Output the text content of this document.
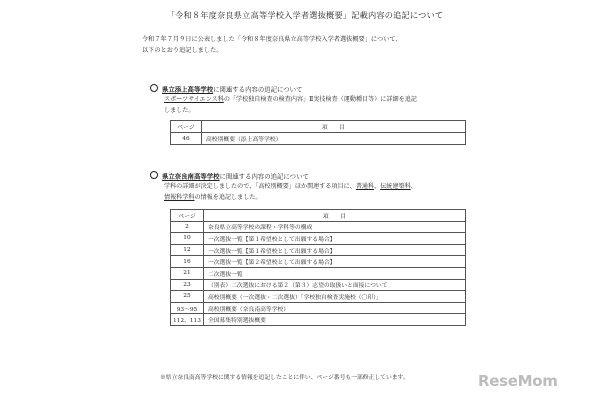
「令和８年度奈良県立高等学校入学者選抜概要」記載内容の追記について

令和７年７月９日に公表しました「令和８年度奈良県立高等学校入学者選抜概要」について、

以下のとおり追記しました。

県立添上高等学校に関連する内容の追記について
スポーツサイエンス科の「学校独自検査の検査内容」Ⅱ実技検査（運動種目等）に詳細を追記
しました。
ページ	項　　目
46	高校別概要（添上高等学校）
県立奈良南高等学校に関連する内容の追記について
学科の詳細が決定しましたので、「高校別概要」ほか関連する項目に、普通科、伝統建築科、
情報科学科の情報を追記しました。
ページ	項　　目
2	奈良県立高等学校の課程・学科等の構成
10	一次選抜一覧【第１希望校として出願する場合】
12	一次選抜一覧【第１希望校として出願する場合】
16	一次選抜一覧【第２希望校として出願する場合】
21	二次選抜一覧
23	（別表）二次選抜における第２（第３）志望の取扱いと面接について
25	高校別概要（一次選抜・二次選抜）「学校独自検査実施校（〇印）」
93～95	高校別概要（奈良南高等学校）
112、113	全国募集特別選抜概要
※県立奈良南高等学校に関する情報を追記したことに伴い、ページ番号も一部修正しています。	ReseMom
